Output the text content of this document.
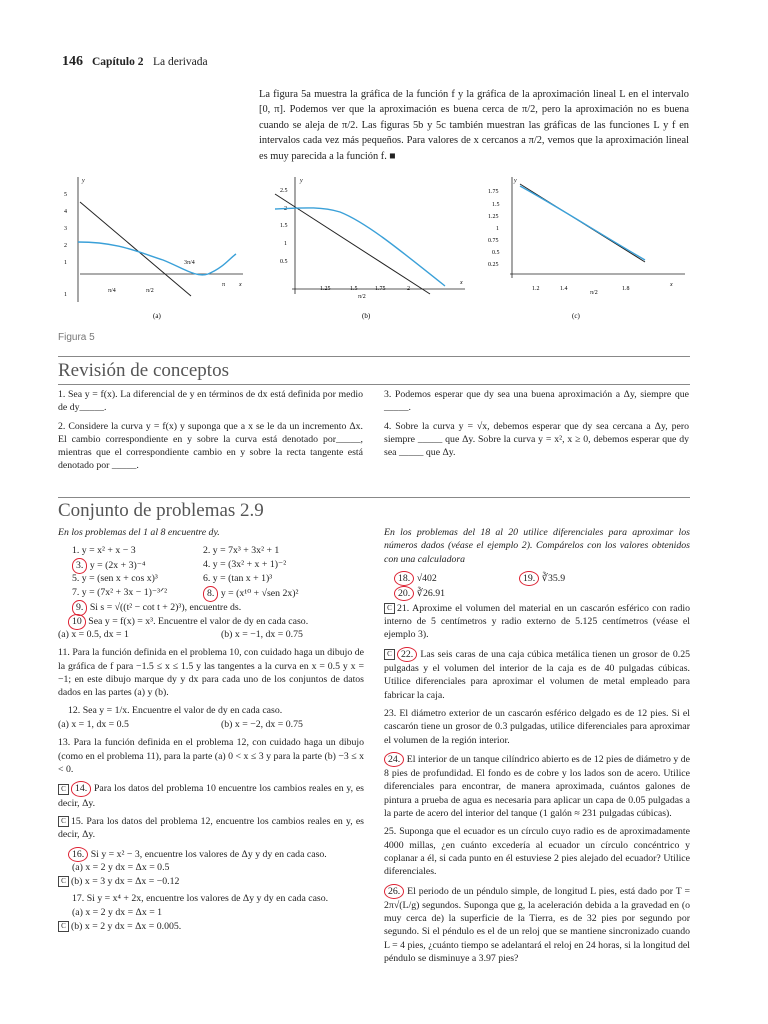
146 Capítulo 2 La derivada
La figura 5a muestra la gráfica de la función f y la gráfica de la aproximación lineal L en el intervalo [0, π]. Podemos ver que la aproximación es buena cerca de π/2, pero la aproximación no es buena cuando se aleja de π/2. Las figuras 5b y 5c también muestran las gráficas de las funciones L y f en intervalos cada vez más pequeños. Para valores de x cercanos a π/2, vemos que la aproximación lineal es muy parecida a la función f. ■
5
4
3
2
1
1
π/4	π/2
3π/4
π x
y
(a)
2.5
2
1.5
1
0.5
1.25	1.5
π/2
1.75	2
x
y
(b)
1.75
1.5
1.25
1
0.75
0.5
0.25
1.2	1.4
π/2
1.8
x
y
(c)
Figura 5
Revisión de conceptos

1. Sea y = f(x). La diferencial de y en términos de dx está definida por medio de dy_____.

2. Considere la curva y = f(x) y suponga que a x se le da un incremento Δx. El cambio correspondiente en y sobre la curva está denotado por_____, mientras que el correspondiente cambio en y sobre la recta tangente está denotado por _____.

3. Podemos esperar que dy sea una buena aproximación a Δy, siempre que _____.

4. Sobre la curva y = √x, debemos esperar que dy sea cercana a Δy, pero siempre _____ que Δy. Sobre la curva y = x², x ≥ 0, debemos esperar que dy sea _____ que Δy.

Conjunto de problemas 2.9

En los problemas del 1 al 8 encuentre dy.

1. y = x² + x − 3	2. y = 7x³ + 3x² + 1
3. y = (2x + 3)⁻⁴	4. y = (3x² + x + 1)⁻²
5. y = (sen x + cos x)³	6. y = (tan x + 1)³
7. y = (7x² + 3x − 1)⁻³ᐟ²	8. y = (x¹⁰ + √sen 2x)²
9. Si s = √((t² − cot t + 2)³), encuentre ds.
10 Sea y = f(x) = x³. Encuentre el valor de dy en cada caso.
(a) x = 0.5, dx = 1	(b) x = −1, dx = 0.75

11. Para la función definida en el problema 10, con cuidado haga un dibujo de la gráfica de f para −1.5 ≤ x ≤ 1.5 y las tangentes a la curva en x = 0.5 y x = −1; en este dibujo marque dy y dx para cada uno de los conjuntos de datos dados en las partes (a) y (b).

12. Sea y = 1/x. Encuentre el valor de dy en cada caso.
(a) x = 1, dx = 0.5	(b) x = −2, dx = 0.75

13. Para la función definida en el problema 12, con cuidado haga un dibujo (como en el problema 11), para la parte (a) 0 < x ≤ 3 y para la parte (b) −3 ≤ x < 0.

C 14. Para los datos del problema 10 encuentre los cambios reales en y, es decir, Δy.

C 15. Para los datos del problema 12, encuentre los cambios reales en y, es decir, Δy.

16. Si y = x² − 3, encuentre los valores de Δy y dy en cada caso.
(a) x = 2 y dx = Δx = 0.5
C (b) x = 3 y dx = Δx = −0.12
17. Si y = x⁴ + 2x, encuentre los valores de Δy y dy en cada caso.
(a) x = 2 y dx = Δx = 1
C (b) x = 2 y dx = Δx = 0.005.

En los problemas del 18 al 20 utilice diferenciales para aproximar los números dados (véase el ejemplo 2). Compárelos con los valores obtenidos con una calculadora

18. √402	19. ∛35.9
20. ∛26.91

C 21. Aproxime el volumen del material en un cascarón esférico con radio interno de 5 centímetros y radio externo de 5.125 centímetros (véase el ejemplo 3).

C 22. Las seis caras de una caja cúbica metálica tienen un grosor de 0.25 pulgadas y el volumen del interior de la caja es de 40 pulgadas cúbicas. Utilice diferenciales para aproximar el volumen de metal empleado para fabricar la caja.

23. El diámetro exterior de un cascarón esférico delgado es de 12 pies. Si el cascarón tiene un grosor de 0.3 pulgadas, utilice diferenciales para aproximar el volumen de la región interior.

24. El interior de un tanque cilíndrico abierto es de 12 pies de diámetro y de 8 pies de profundidad. El fondo es de cobre y los lados son de acero. Utilice diferenciales para encontrar, de manera aproximada, cuántos galones de pintura a prueba de agua es necesaria para aplicar un capa de 0.05 pulgadas a la parte de acero del interior del tanque (1 galón ≈ 231 pulgadas cúbicas).

25. Suponga que el ecuador es un círculo cuyo radio es de aproximadamente 4000 millas, ¿en cuánto excedería al ecuador un círculo concéntrico y coplanar a él, si cada punto en él estuviese 2 pies alejado del ecuador? Utilice diferenciales.

26. El periodo de un péndulo simple, de longitud L pies, está dado por T = 2π√(L/g) segundos. Suponga que g, la aceleración debida a la gravedad en (o muy cerca de) la superficie de la Tierra, es de 32 pies por segundo por segundo. Si el péndulo es el de un reloj que se mantiene sincronizado cuando L = 4 pies, ¿cuánto tiempo se adelantará el reloj en 24 horas, si la longitud del péndulo se disminuye a 3.97 pies?
